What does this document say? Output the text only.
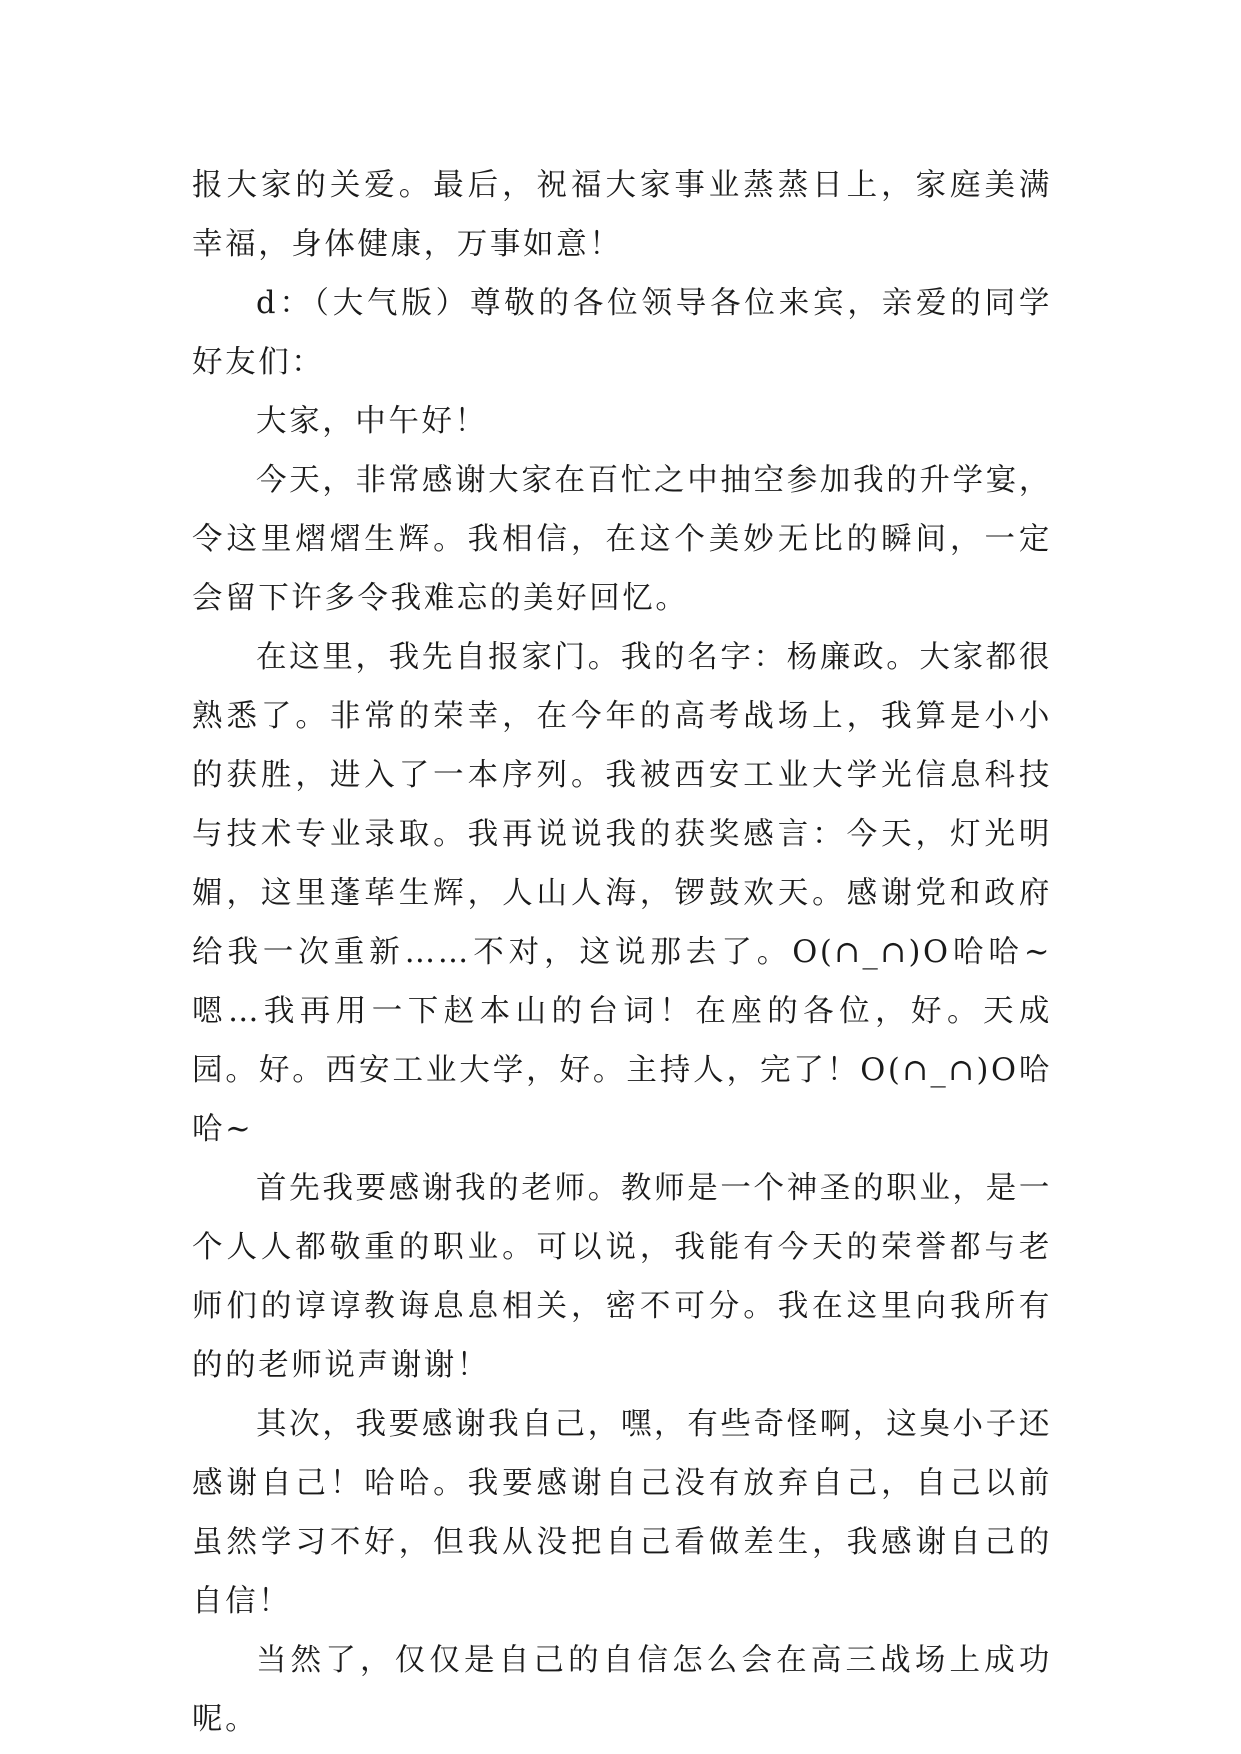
报大家的关爱。最后，祝福大家事业蒸蒸日上，家庭美满幸福，身体健康，万事如意！

d：（大气版）尊敬的各位领导各位来宾，亲爱的同学好友们：

大家，中午好！

今天，非常感谢大家在百忙之中抽空参加我的升学宴，令这里熠熠生辉。我相信，在这个美妙无比的瞬间，一定会留下许多令我难忘的美好回忆。

在这里，我先自报家门。我的名字：杨廉政。大家都很熟悉了。非常的荣幸，在今年的高考战场上，我算是小小的获胜，进入了一本序列。我被西安工业大学光信息科技与技术专业录取。我再说说我的获奖感言：今天，灯光明媚，这里蓬荜生辉，人山人海，锣鼓欢天。感谢党和政府给我一次重新……不对，这说那去了。O(∩_∩)O哈哈~嗯…我再用一下赵本山的台词！在座的各位，好。天成园。好。西安工业大学，好。主持人，完了！O(∩_∩)O哈哈~

首先我要感谢我的老师。教师是一个神圣的职业，是一个人人都敬重的职业。可以说，我能有今天的荣誉都与老师们的谆谆教诲息息相关，密不可分。我在这里向我所有的的老师说声谢谢！

其次，我要感谢我自己，嘿，有些奇怪啊，这臭小子还感谢自己！哈哈。我要感谢自己没有放弃自己，自己以前虽然学习不好，但我从没把自己看做差生，我感谢自己的自信！

当然了，仅仅是自己的自信怎么会在高三战场上成功呢。
